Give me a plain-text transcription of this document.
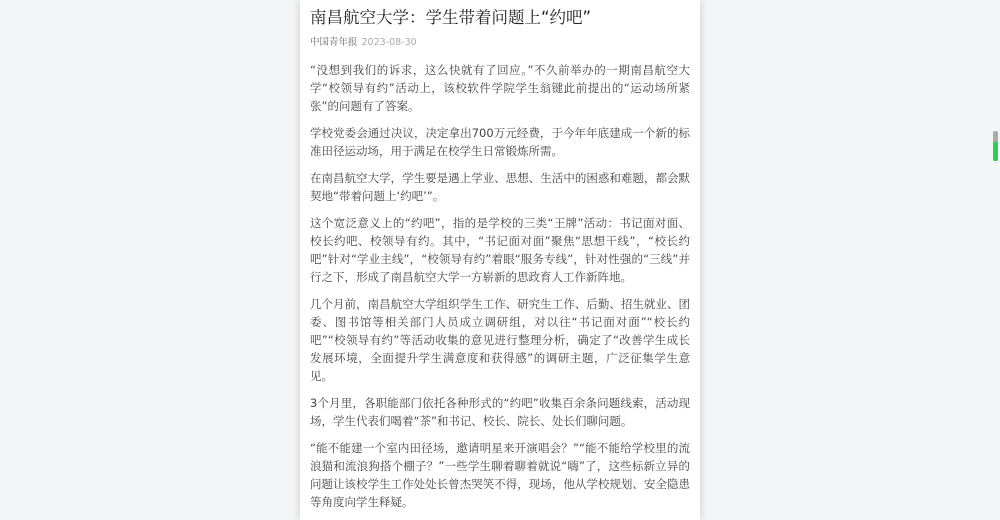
南昌航空大学：学生带着问题上“约吧”
中国青年报 2023-08-30

“没想到我们的诉求，这么快就有了回应。”不久前举办的一期南昌航空大学“校领导有约”活动上，该校软件学院学生翁键此前提出的“运动场所紧张”的问题有了答案。

学校党委会通过决议，决定拿出700万元经费，于今年年底建成一个新的标准田径运动场，用于满足在校学生日常锻炼所需。

在南昌航空大学，学生要是遇上学业、思想、生活中的困惑和难题，都会默契地“带着问题上‘约吧’”。

这个宽泛意义上的“约吧”，指的是学校的三类“王牌”活动：书记面对面、校长约吧、校领导有约。其中，“书记面对面”聚焦“思想干线”，“校长约吧”针对“学业主线”，“校领导有约”着眼“服务专线”，针对性强的“三线”并行之下，形成了南昌航空大学一方崭新的思政育人工作新阵地。

几个月前，南昌航空大学组织学生工作、研究生工作、后勤、招生就业、团委、图书馆等相关部门人员成立调研组，对以往“书记面对面”“校长约吧”“校领导有约”等活动收集的意见进行整理分析，确定了“改善学生成长发展环境，全面提升学生满意度和获得感”的调研主题，广泛征集学生意见。

3个月里，各职能部门依托各种形式的“约吧”收集百余条问题线索，活动现场，学生代表们喝着“茶”和书记、校长、院长、处长们聊问题。

“能不能建一个室内田径场，邀请明星来开演唱会？”“能不能给学校里的流浪猫和流浪狗搭个棚子？”一些学生聊着聊着就说“嗨”了，这些标新立异的问题让该校学生工作处处长曾杰哭笑不得，现场，他从学校规划、安全隐患等角度向学生释疑。
